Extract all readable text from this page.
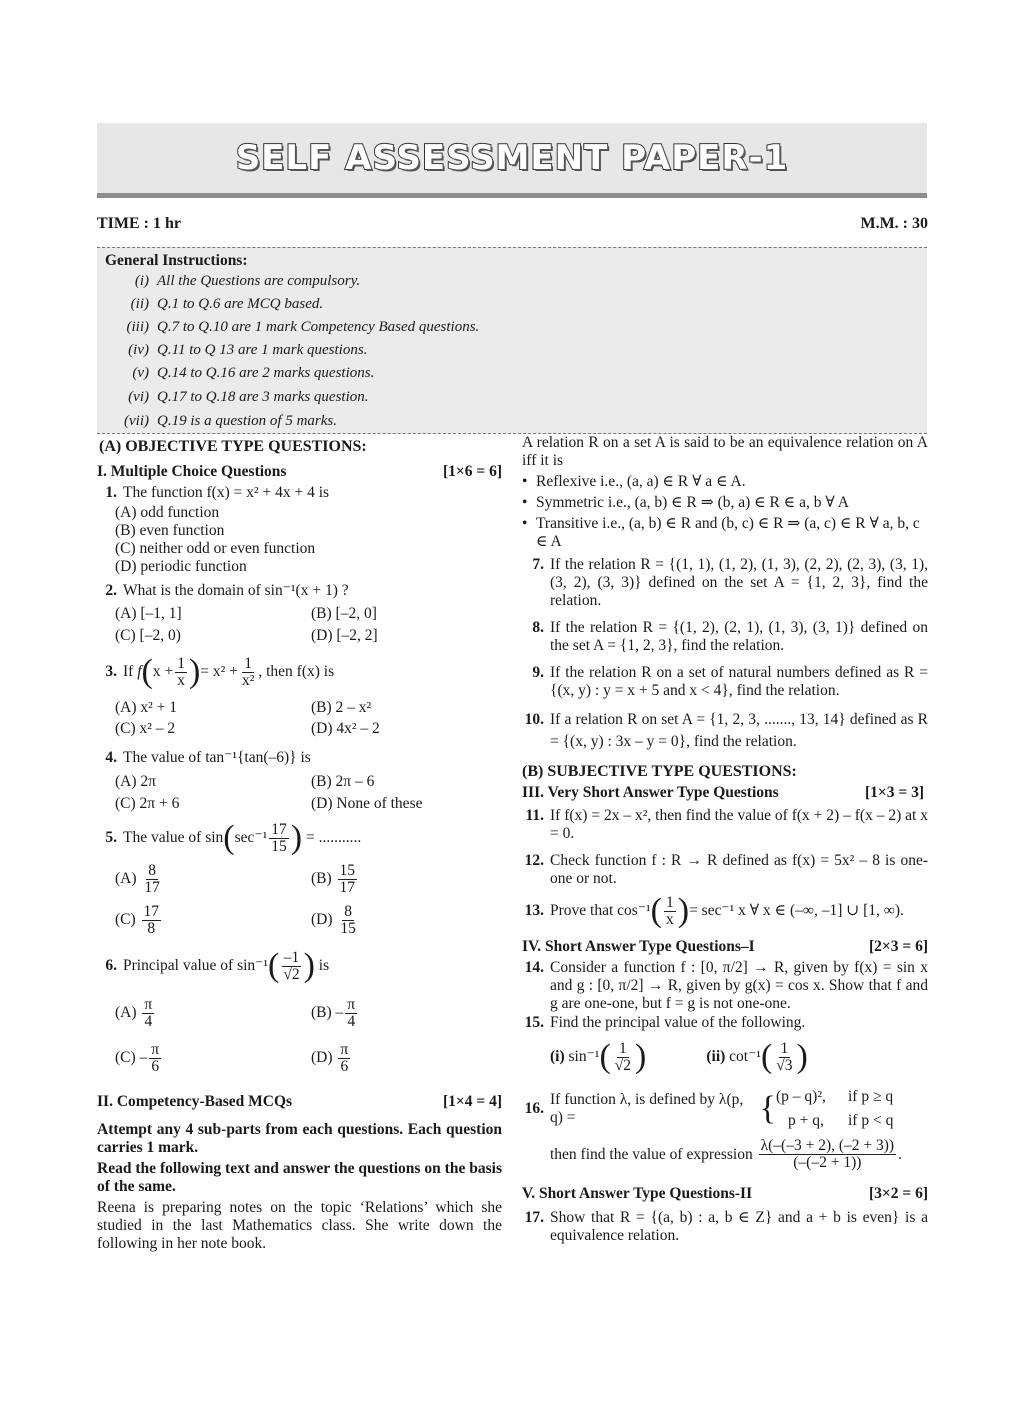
SELF ASSESSMENT PAPER-1
TIME : 1 hr	M.M. : 30
General Instructions:
(i) All the Questions are compulsory.
(ii) Q.1 to Q.6 are MCQ based.
(iii) Q.7 to Q.10 are 1 mark Competency Based questions.
(iv) Q.11 to Q 13 are 1 mark questions.
(v) Q.14 to Q.16 are 2 marks questions.
(vi) Q.17 to Q.18 are 3 marks question.
(vii) Q.19 is a question of 5 marks.
(A) OBJECTIVE TYPE QUESTIONS:
I. Multiple Choice Questions	[1×6 = 6]
1. The function f(x) = x² + 4x + 4 is
(A) odd function
(B) even function
(C) neither odd or even function
(D) periodic function
2. What is the domain of sin⁻¹(x + 1) ?
(A) [–1, 1]	(B) [–2, 0]
(C) [–2, 0)	(D) [–2, 2]
3. If
f ( $x + \frac{1}{x}$ ) = $x^2 + \frac{1}{\text{x²}}$ , then f(x) is
(A) x² + 1	(B) 2 – x²
(C) x² – 2	(D) 4x² – 2
4. The value of tan⁻¹{tan(–6)} is
(A) 2π	(B) 2π – 6
(C) 2π + 6	(D) None of these
5. The value of sin ( $\sec^{-1} \frac{17}{15}$ )
= ...........
$(A) \frac{8}{17}$	$(B) \frac{15}{17}$
$(C) \frac{17}{8}$	$(D) \frac{8}{15}$
6. Principal value of sin⁻¹ ( $\frac{-1}{√2}$ )
is
$(A) \frac{\pi}{4}$	$(B) - \frac{\pi}{4}$
$(C) - \frac{\pi}{6}$	$(D) \frac{\pi}{6}$
II. Competency-Based MCQs	[1×4 = 4]
Attempt any 4 sub-parts from each questions. Each question carries 1 mark.
Read the following text and answer the questions on the basis of the same.
Reena is preparing notes on the topic ‘Relations’ which she studied in the last Mathematics class. She write down the following in her note book.
A relation R on a set A is said to be an equivalence relation on A iff it is
• Reflexive i.e., (a, a) ∈ R ∀ a ∈ A.
• Symmetric i.e., (a, b) ∈ R ⇒ (b, a) ∈ R ∈ a, b ∀ A
• Transitive i.e., (a, b) ∈ R and (b, c) ∈ R ⇒ (a, c) ∈ R ∀ a, b, c ∈ A
7. If the relation R = {(1, 1), (1, 2), (1, 3), (2, 2), (2, 3), (3, 1), (3, 2), (3, 3)} defined on the set A = {1, 2, 3}, find the relation.
8. If the relation R = {(1, 2), (2, 1), (1, 3), (3, 1)} defined on the set A = {1, 2, 3}, find the relation.
9. If the relation R on a set of natural numbers defined as R = {(x, y) : y = x + 5 and x < 4}, find the relation.
10. If a relation R on set A = {1, 2, 3, ......., 13, 14} defined as R = {(x, y) : 3x – y = 0}, find the relation.
(B) SUBJECTIVE TYPE QUESTIONS:
III. Very Short Answer Type Questions	[1×3 = 3]
11. If f(x) = 2x – x², then find the value of f(x + 2) – f(x – 2) at x = 0.
12. Check function f : R → R defined as f(x) = 5x² – 8 is one-one or not.
13. Prove that
cos⁻¹ ( $\frac{1}{x}$ ) = sec⁻¹ x ∀ x ∈ (–∞, –1] ∪ [1, ∞).
IV. Short Answer Type Questions–I	[2×3 = 6]
14. Consider a function f : [0, π/2] → R, given by f(x) = sin x and g : [0, π/2] → R, given by g(x) = cos x. Show that f and g are one-one, but f = g is not one-one.
15. Find the principal value of the following.
(i)
sin⁻¹ ( $\frac{1}{√2}$ )	(ii)
cot⁻¹ ( $\frac{1}{√3}$ )
16.
If function λ, is defined by λ(p, q) =	{ (p – q)²,	if p ≥ q
p + q,	if p < q
then find the value of expression
$\frac{\lambda(-(-3 + 2), (-2 + 3))}{(-(-2 + 1))}$ .
V. Short Answer Type Questions-II	[3×2 = 6]
17. Show that R = {(a, b) : a, b ∈ Z} and a + b is even} is a equivalence relation.
